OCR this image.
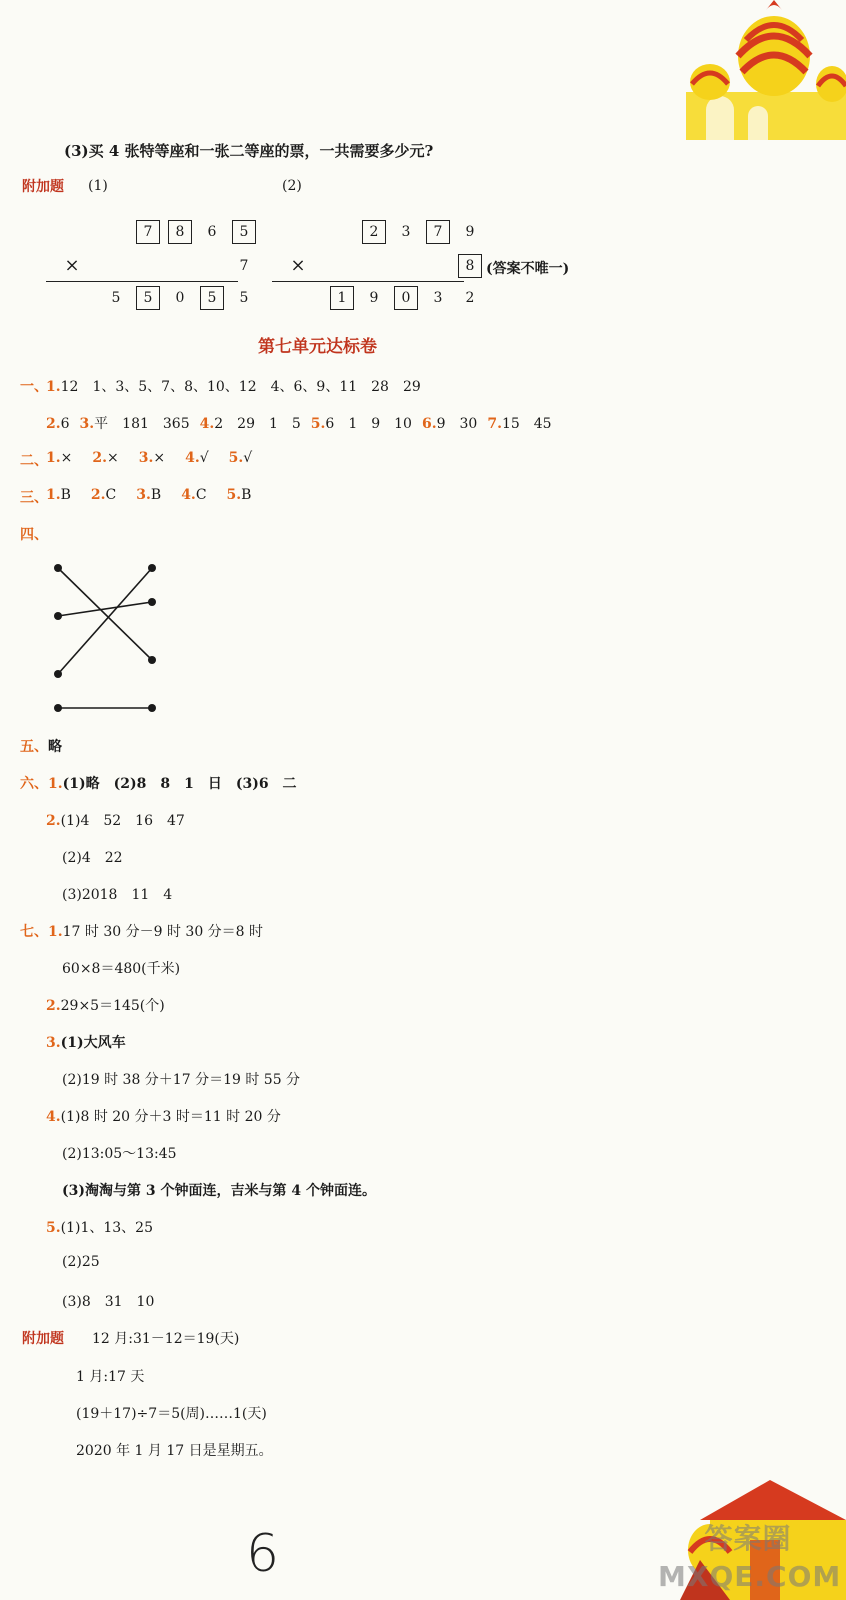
答案圈 MXQE.COM
(3)买 4 张特等座和一张二等座的票，一共需要多少元?
附加题 (1)	(2)
7	8	6	5
×	7
5	5	0	5	5
2	3	7	9
×	8
1	9	0	3	2
(答案不唯一)
第七单元达标卷
一、
1.12　1、3、5、7、8、10、12　4、6、9、11　28　29
2.6 3.平　181　365 4.2　29　1　5 5.6　1　9　10 6.9　30 7.15　45
二、
1.× 2.× 3.× 4.√ 5.√
三、
1.B 2.C 3.B 4.C 5.B
四、
五、略
六、1.(1)略　(2)8　8　1　日　(3)6　二
2.(1)4　52　16　47
(2)4　22
(3)2018　11　4
七、1.17 时 30 分－9 时 30 分＝8 时
60×8＝480(千米)
2.29×5＝145(个)
3.(1)大风车
(2)19 时 38 分＋17 分＝19 时 55 分
4.(1)8 时 20 分＋3 时＝11 时 20 分
(2)13:05～13:45
(3)淘淘与第 3 个钟面连，吉米与第 4 个钟面连。
5.(1)1、13、25
(2)25
(3)8　31　10
附加题 12 月:31－12＝19(天)
1 月:17 天
(19＋17)÷7＝5(周)……1(天)
2020 年 1 月 17 日是星期五。
6
